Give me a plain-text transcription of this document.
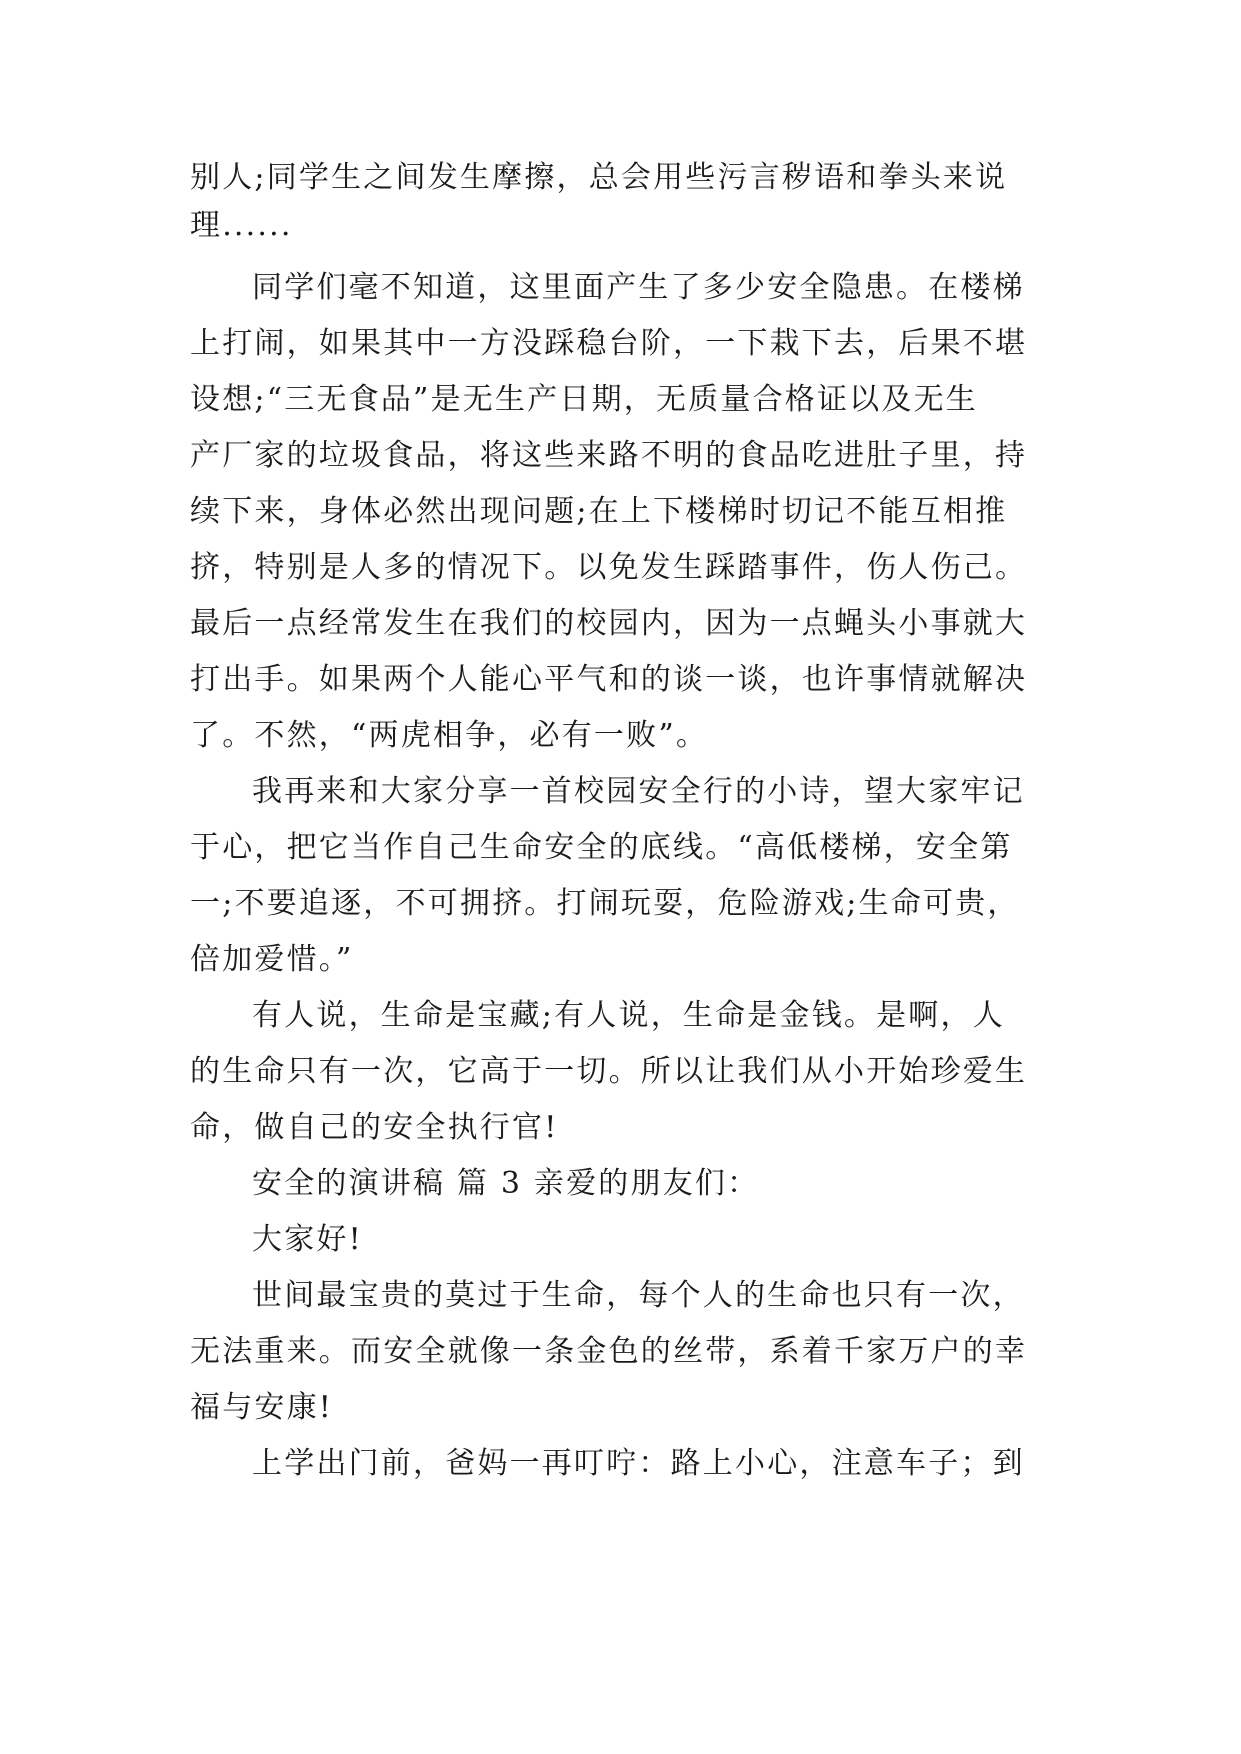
别人;同学生之间发生摩擦，总会用些污言秽语和拳头来说
理......
同学们毫不知道，这里面产生了多少安全隐患。在楼梯
上打闹，如果其中一方没踩稳台阶，一下栽下去，后果不堪
设想;“三无食品”是无生产日期，无质量合格证以及无生
产厂家的垃圾食品，将这些来路不明的食品吃进肚子里，持
续下来，身体必然出现问题;在上下楼梯时切记不能互相推
挤，特别是人多的情况下。以免发生踩踏事件，伤人伤己。
最后一点经常发生在我们的校园内，因为一点蝇头小事就大
打出手。如果两个人能心平气和的谈一谈，也许事情就解决
了。不然，“两虎相争，必有一败”。
我再来和大家分享一首校园安全行的小诗，望大家牢记
于心，把它当作自己生命安全的底线。“高低楼梯，安全第
一;不要追逐，不可拥挤。打闹玩耍，危险游戏;生命可贵，
倍加爱惜。”
有人说，生命是宝藏;有人说，生命是金钱。是啊，人
的生命只有一次，它高于一切。所以让我们从小开始珍爱生
命，做自己的安全执行官!
安全的演讲稿 篇 3 亲爱的朋友们：
大家好!
世间最宝贵的莫过于生命，每个人的生命也只有一次，
无法重来。而安全就像一条金色的丝带，系着千家万户的幸
福与安康!
上学出门前，爸妈一再叮咛：路上小心，注意车子；到
